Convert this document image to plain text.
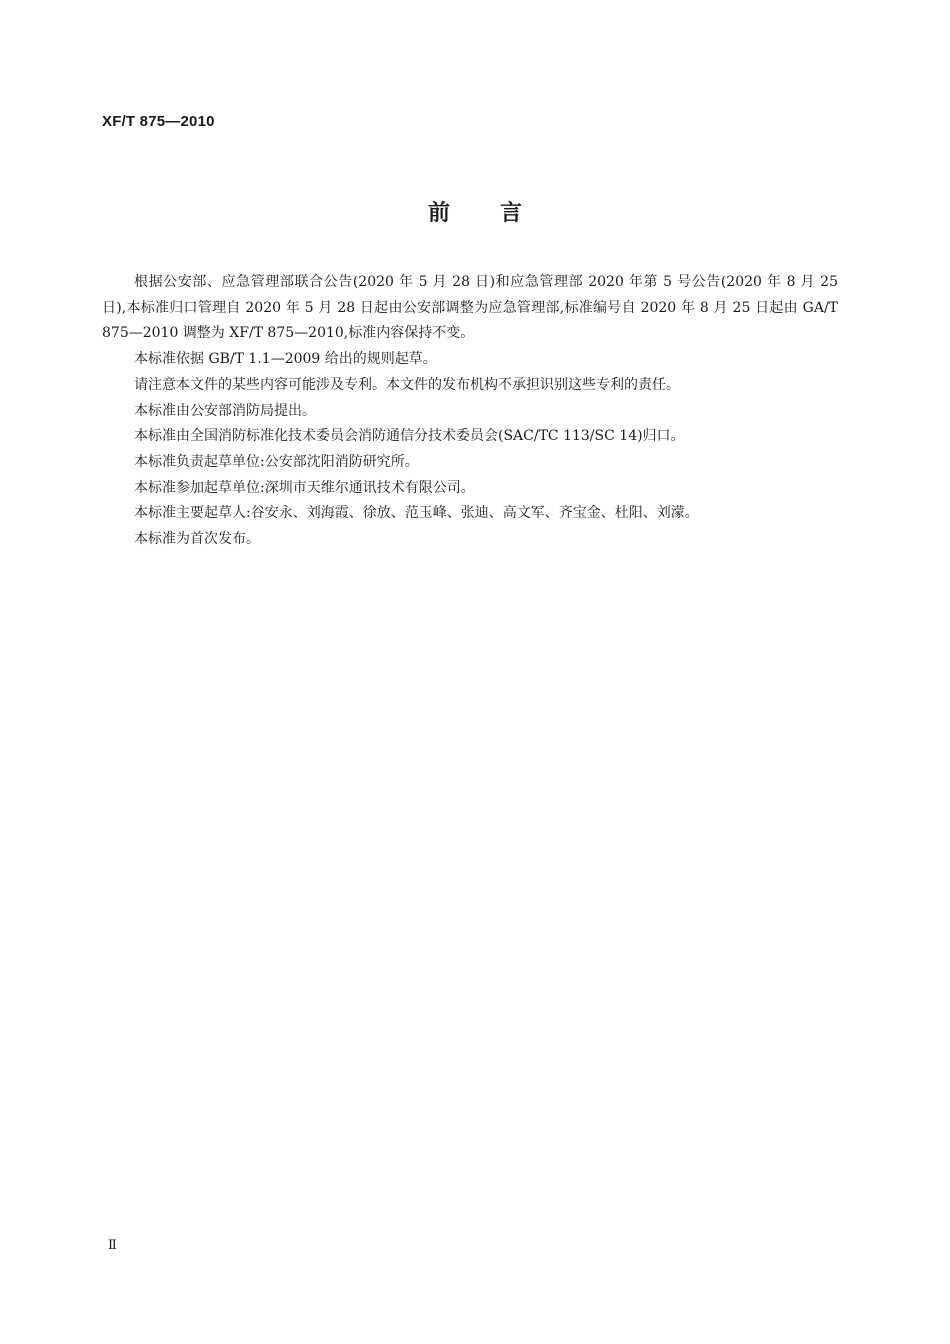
XF/T 875—2010
前言

根据公安部、应急管理部联合公告(2020 年 5 月 28 日)和应急管理部 2020 年第 5 号公告(2020 年 8 月 25 日),本标准归口管理自 2020 年 5 月 28 日起由公安部调整为应急管理部,标准编号自 2020 年 8 月 25 日起由 GA/T 875—2010 调整为 XF/T 875—2010,标准内容保持不变。

本标准依据 GB/T 1.1—2009 给出的规则起草。

请注意本文件的某些内容可能涉及专利。本文件的发布机构不承担识别这些专利的责任。

本标准由公安部消防局提出。

本标准由全国消防标准化技术委员会消防通信分技术委员会(SAC/TC 113/SC 14)归口。

本标准负责起草单位:公安部沈阳消防研究所。

本标准参加起草单位:深圳市天维尔通讯技术有限公司。

本标准主要起草人:谷安永、刘海霞、徐放、范玉峰、张迪、高文军、齐宝金、杜阳、刘濛。

本标准为首次发布。

Ⅱ
